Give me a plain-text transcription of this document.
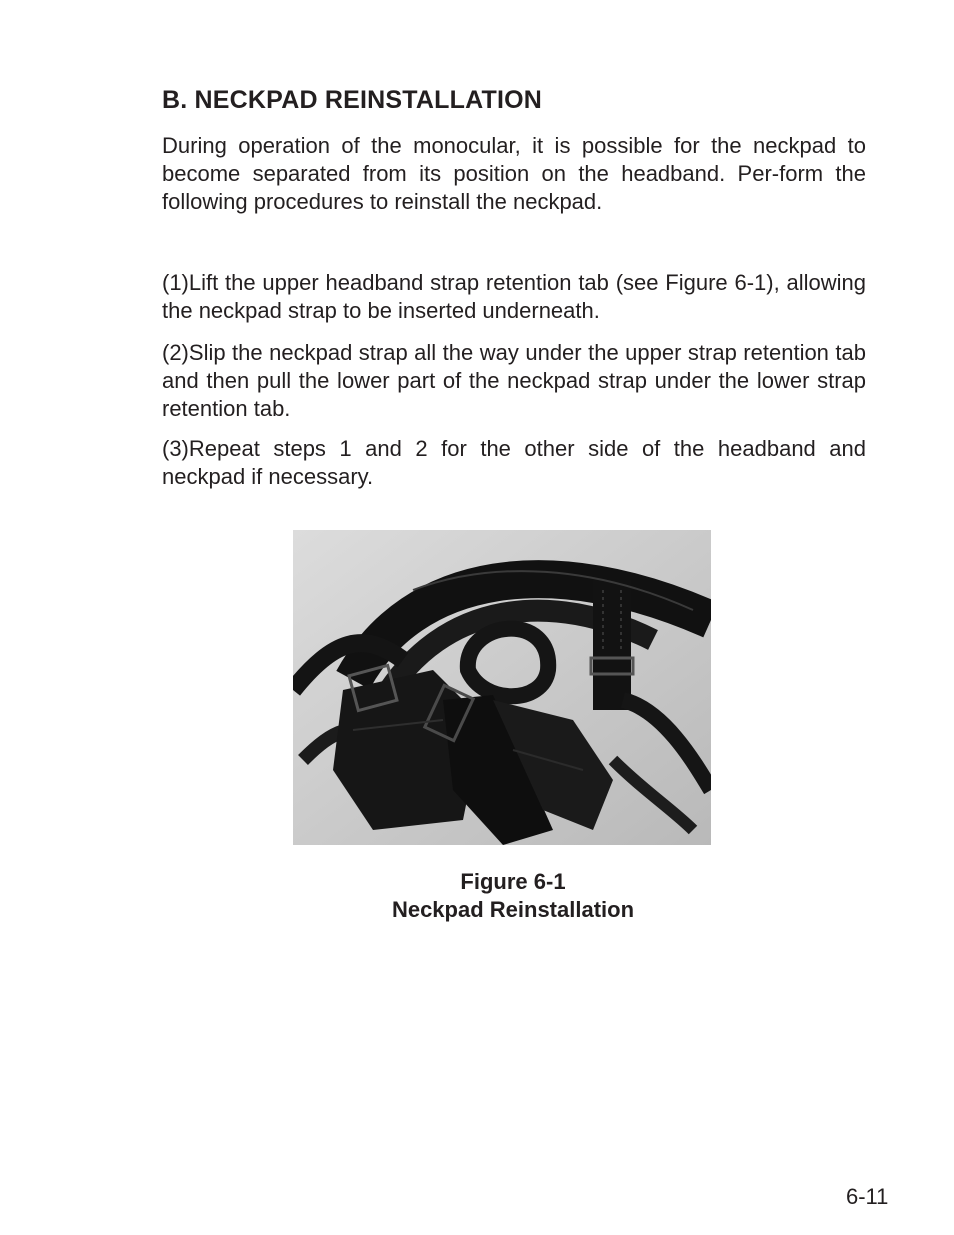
B. NECKPAD REINSTALLATION
During operation of the monocular, it is possible for the neckpad to become separated from its position on the headband. Per-form the following procedures to reinstall the neckpad.
(1)Lift the upper headband strap retention tab (see Figure 6-1), allowing the neckpad strap to be inserted underneath.
(2)Slip the neckpad strap all the way under the upper strap retention tab and then pull the lower part of the neckpad strap under the lower strap retention tab.
(3)Repeat steps 1 and 2 for the other side of the headband and neckpad if necessary.
Figure 6-1
Neckpad Reinstallation
6-11
